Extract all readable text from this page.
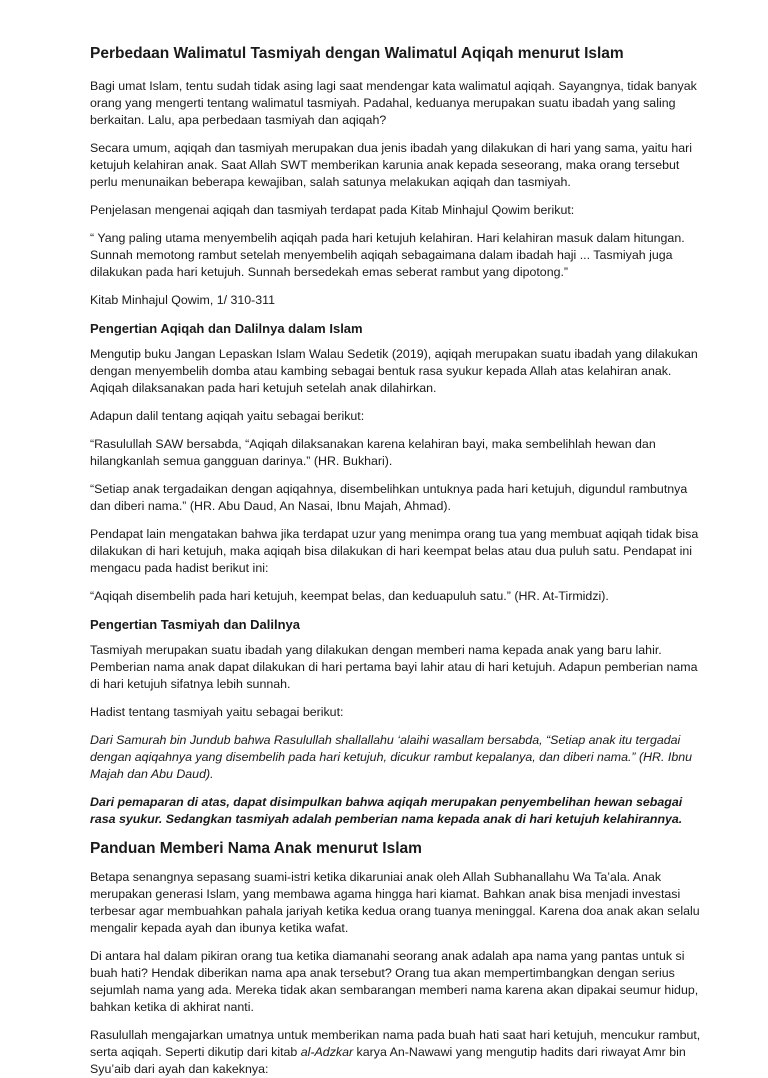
Perbedaan Walimatul Tasmiyah dengan Walimatul Aqiqah menurut Islam

Bagi umat Islam, tentu sudah tidak asing lagi saat mendengar kata walimatul aqiqah. Sayangnya, tidak banyak orang yang mengerti tentang walimatul tasmiyah. Padahal, keduanya merupakan suatu ibadah yang saling berkaitan. Lalu, apa perbedaan tasmiyah dan aqiqah?

Secara umum, aqiqah dan tasmiyah merupakan dua jenis ibadah yang dilakukan di hari yang sama, yaitu hari ketujuh kelahiran anak. Saat Allah SWT memberikan karunia anak kepada seseorang, maka orang tersebut perlu menunaikan beberapa kewajiban, salah satunya melakukan aqiqah dan tasmiyah.

Penjelasan mengenai aqiqah dan tasmiyah terdapat pada Kitab Minhajul Qowim berikut:

“ Yang paling utama menyembelih aqiqah pada hari ketujuh kelahiran. Hari kelahiran masuk dalam hitungan. Sunnah memotong rambut setelah menyembelih aqiqah sebagaimana dalam ibadah haji ... Tasmiyah juga dilakukan pada hari ketujuh. Sunnah bersedekah emas seberat rambut yang dipotong.”

Kitab Minhajul Qowim, 1/ 310-311

Pengertian Aqiqah dan Dalilnya dalam Islam

Mengutip buku Jangan Lepaskan Islam Walau Sedetik (2019), aqiqah merupakan suatu ibadah yang dilakukan dengan menyembelih domba atau kambing sebagai bentuk rasa syukur kepada Allah atas kelahiran anak. Aqiqah dilaksanakan pada hari ketujuh setelah anak dilahirkan.

Adapun dalil tentang aqiqah yaitu sebagai berikut:

“Rasulullah SAW bersabda, “Aqiqah dilaksanakan karena kelahiran bayi, maka sembelihlah hewan dan hilangkanlah semua gangguan darinya.” (HR. Bukhari).

“Setiap anak tergadaikan dengan aqiqahnya, disembelihkan untuknya pada hari ketujuh, digundul rambutnya dan diberi nama.” (HR. Abu Daud, An Nasai, Ibnu Majah, Ahmad).

Pendapat lain mengatakan bahwa jika terdapat uzur yang menimpa orang tua yang membuat aqiqah tidak bisa dilakukan di hari ketujuh, maka aqiqah bisa dilakukan di hari keempat belas atau dua puluh satu. Pendapat ini mengacu pada hadist berikut ini:

“Aqiqah disembelih pada hari ketujuh, keempat belas, dan keduapuluh satu.” (HR. At-Tirmidzi).

Pengertian Tasmiyah dan Dalilnya

Tasmiyah merupakan suatu ibadah yang dilakukan dengan memberi nama kepada anak yang baru lahir. Pemberian nama anak dapat dilakukan di hari pertama bayi lahir atau di hari ketujuh. Adapun pemberian nama di hari ketujuh sifatnya lebih sunnah.

Hadist tentang tasmiyah yaitu sebagai berikut:

Dari Samurah bin Jundub bahwa Rasulullah shallallahu ‘alaihi wasallam bersabda, “Setiap anak itu tergadai dengan aqiqahnya yang disembelih pada hari ketujuh, dicukur rambut kepalanya, dan diberi nama.” (HR. Ibnu Majah dan Abu Daud).

Dari pemaparan di atas, dapat disimpulkan bahwa aqiqah merupakan penyembelihan hewan sebagai rasa syukur. Sedangkan tasmiyah adalah pemberian nama kepada anak di hari ketujuh kelahirannya.

Panduan Memberi Nama Anak menurut Islam

Betapa senangnya sepasang suami-istri ketika dikaruniai anak oleh Allah Subhanallahu Wa Ta’ala. Anak merupakan generasi Islam, yang membawa agama hingga hari kiamat. Bahkan anak bisa menjadi investasi terbesar agar membuahkan pahala jariyah ketika kedua orang tuanya meninggal. Karena doa anak akan selalu mengalir kepada ayah dan ibunya ketika wafat.

Di antara hal dalam pikiran orang tua ketika diamanahi seorang anak adalah apa nama yang pantas untuk si buah hati? Hendak diberikan nama apa anak tersebut? Orang tua akan mempertimbangkan dengan serius sejumlah nama yang ada. Mereka tidak akan sembarangan memberi nama karena akan dipakai seumur hidup, bahkan ketika di akhirat nanti.

Rasulullah mengajarkan umatnya untuk memberikan nama pada buah hati saat hari ketujuh, mencukur rambut, serta aqiqah. Seperti dikutip dari kitab al-Adzkar karya An-Nawawi yang mengutip hadits dari riwayat Amr bin Syu’aib dari ayah dan kakeknya:
